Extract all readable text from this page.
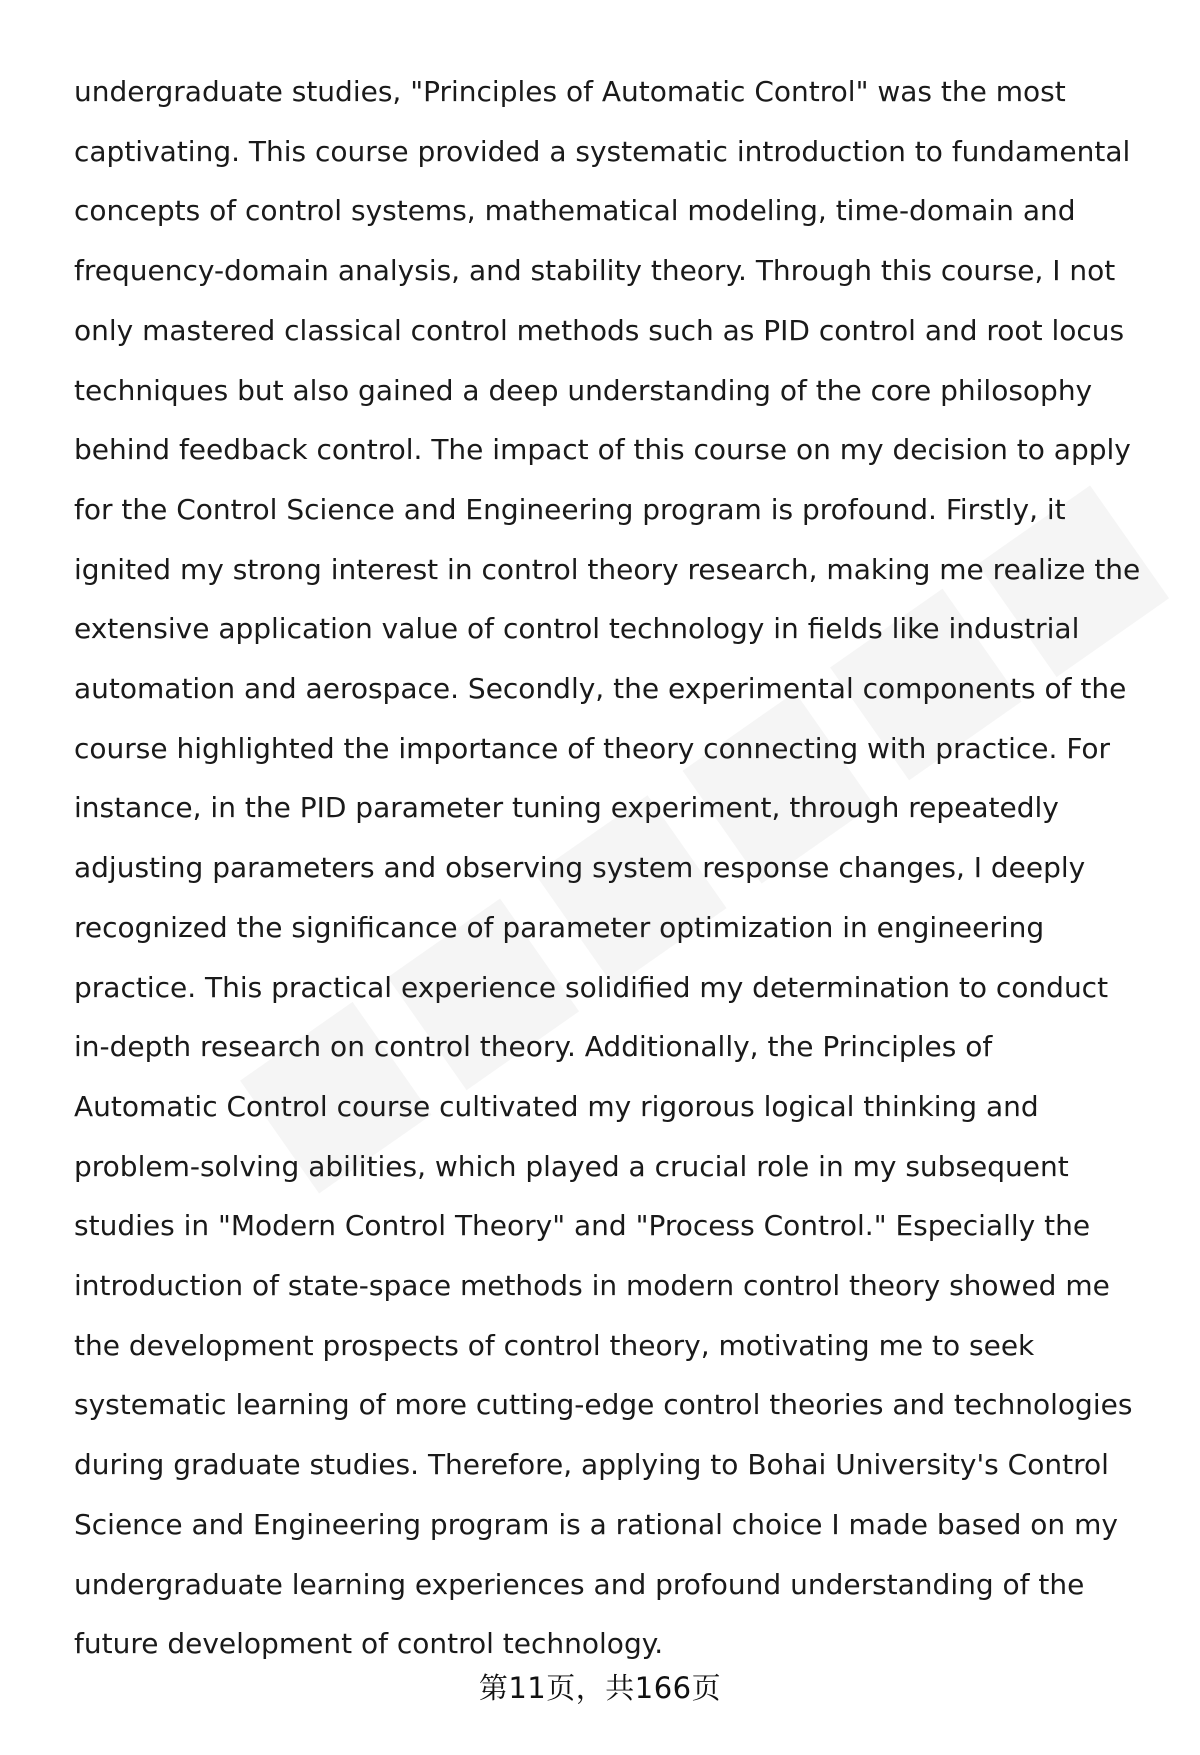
undergraduate studies, "Principles of Automatic Control" was the most
captivating. This course provided a systematic introduction to fundamental
concepts of control systems, mathematical modeling, time-domain and
frequency-domain analysis, and stability theory. Through this course, I not
only mastered classical control methods such as PID control and root locus
techniques but also gained a deep understanding of the core philosophy
behind feedback control. The impact of this course on my decision to apply
for the Control Science and Engineering program is profound. Firstly, it
ignited my strong interest in control theory research, making me realize the
extensive application value of control technology in fields like industrial
automation and aerospace. Secondly, the experimental components of the
course highlighted the importance of theory connecting with practice. For
instance, in the PID parameter tuning experiment, through repeatedly
adjusting parameters and observing system response changes, I deeply
recognized the significance of parameter optimization in engineering
practice. This practical experience solidified my determination to conduct
in-depth research on control theory. Additionally, the Principles of
Automatic Control course cultivated my rigorous logical thinking and
problem-solving abilities, which played a crucial role in my subsequent
studies in "Modern Control Theory" and "Process Control." Especially the
introduction of state-space methods in modern control theory showed me
the development prospects of control theory, motivating me to seek
systematic learning of more cutting-edge control theories and technologies
during graduate studies. Therefore, applying to Bohai University's Control
Science and Engineering program is a rational choice I made based on my
undergraduate learning experiences and profound understanding of the
future development of control technology.

第11页，共166页
